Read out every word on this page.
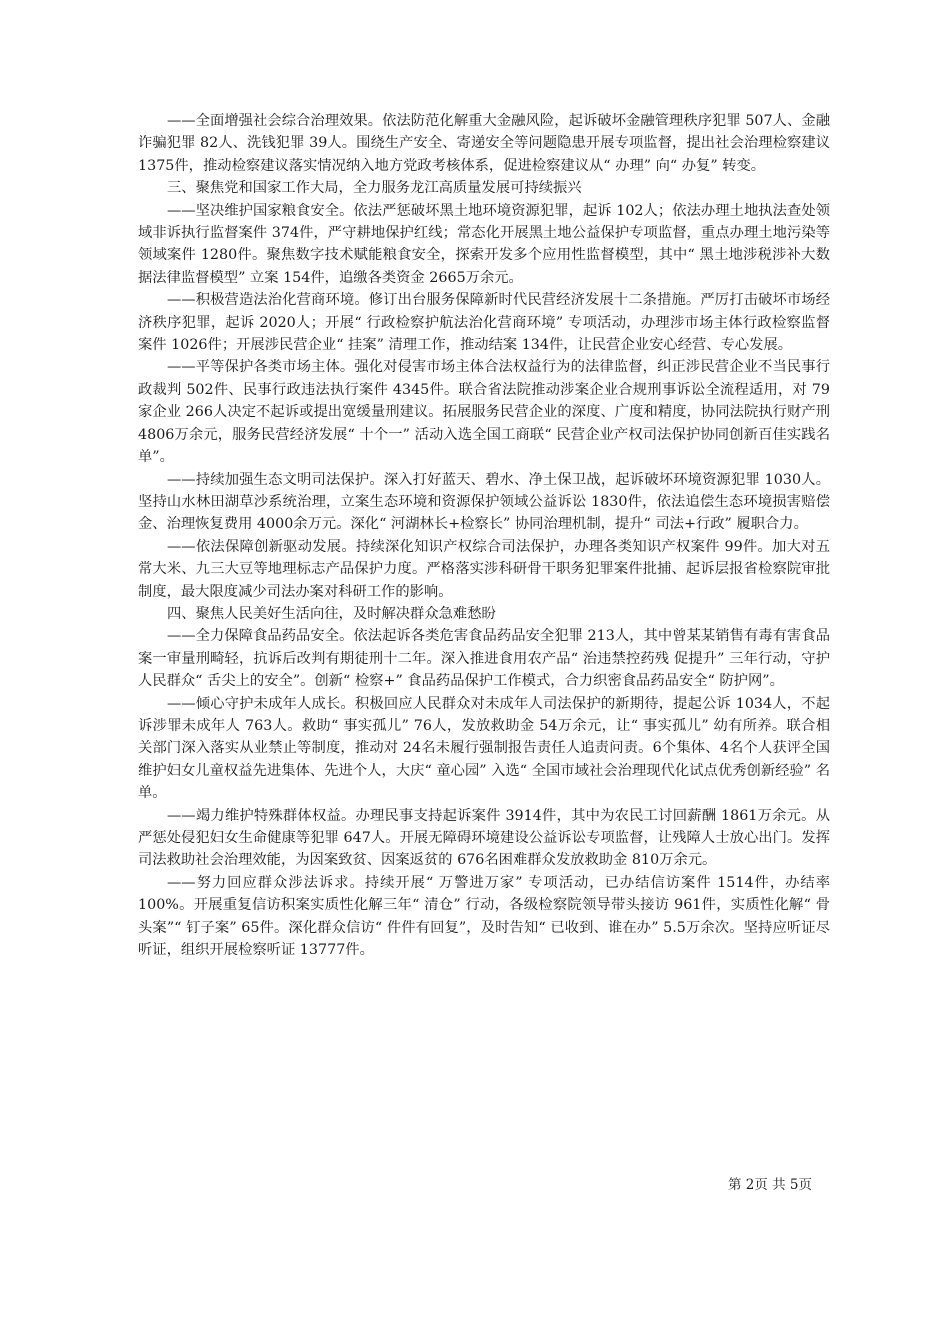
——全面增强社会综合治理效果。依法防范化解重大金融风险，起诉破坏金融管理秩序犯罪 507人、金融诈骗犯罪 82人、洗钱犯罪 39人。围绕生产安全、寄递安全等问题隐患开展专项监督，提出社会治理检察建议 1375件，推动检察建议落实情况纳入地方党政考核体系，促进检察建议从“ 办理” 向“ 办复” 转变。

三、聚焦党和国家工作大局，全力服务龙江高质量发展可持续振兴

——坚决维护国家粮食安全。依法严惩破坏黑土地环境资源犯罪，起诉 102人；依法办理土地执法查处领域非诉执行监督案件 374件，严守耕地保护红线；常态化开展黑土地公益保护专项监督，重点办理土地污染等领域案件 1280件。聚焦数字技术赋能粮食安全，探索开发多个应用性监督模型，其中“ 黑土地涉税涉补大数据法律监督模型” 立案 154件，追缴各类资金 2665万余元。

——积极营造法治化营商环境。修订出台服务保障新时代民营经济发展十二条措施。严厉打击破坏市场经济秩序犯罪，起诉 2020人；开展“ 行政检察护航法治化营商环境” 专项活动，办理涉市场主体行政检察监督案件 1026件；开展涉民营企业“ 挂案” 清理工作，推动结案 134件，让民营企业安心经营、专心发展。

——平等保护各类市场主体。强化对侵害市场主体合法权益行为的法律监督，纠正涉民营企业不当民事行政裁判 502件、民事行政违法执行案件 4345件。联合省法院推动涉案企业合规刑事诉讼全流程适用，对 79家企业 266人决定不起诉或提出宽缓量刑建议。拓展服务民营企业的深度、广度和精度，协同法院执行财产刑 4806万余元，服务民营经济发展“ 十个一” 活动入选全国工商联“ 民营企业产权司法保护协同创新百佳实践名单”。

——持续加强生态文明司法保护。深入打好蓝天、碧水、净土保卫战，起诉破坏环境资源犯罪 1030人。坚持山水林田湖草沙系统治理，立案生态环境和资源保护领域公益诉讼 1830件，依法追偿生态环境损害赔偿金、治理恢复费用 4000余万元。深化“ 河湖林长+检察长” 协同治理机制，提升“ 司法+行政” 履职合力。

——依法保障创新驱动发展。持续深化知识产权综合司法保护，办理各类知识产权案件 99件。加大对五常大米、九三大豆等地理标志产品保护力度。严格落实涉科研骨干职务犯罪案件批捕、起诉层报省检察院审批制度，最大限度减少司法办案对科研工作的影响。

四、聚焦人民美好生活向往，及时解决群众急难愁盼

——全力保障食品药品安全。依法起诉各类危害食品药品安全犯罪 213人，其中曾某某销售有毒有害食品案一审量刑畸轻，抗诉后改判有期徒刑十二年。深入推进食用农产品“ 治违禁控药残 促提升” 三年行动，守护人民群众“ 舌尖上的安全”。创新“ 检察+” 食品药品保护工作模式，合力织密食品药品安全“ 防护网”。

——倾心守护未成年人成长。积极回应人民群众对未成年人司法保护的新期待，提起公诉 1034人，不起诉涉罪未成年人 763人。救助“ 事实孤儿” 76人，发放救助金 54万余元，让“ 事实孤儿” 幼有所养。联合相关部门深入落实从业禁止等制度，推动对 24名未履行强制报告责任人追责问责。6个集体、4名个人获评全国维护妇女儿童权益先进集体、先进个人，大庆“ 童心园” 入选“ 全国市域社会治理现代化试点优秀创新经验” 名单。

——竭力维护特殊群体权益。办理民事支持起诉案件 3914件，其中为农民工讨回薪酬 1861万余元。从严惩处侵犯妇女生命健康等犯罪 647人。开展无障碍环境建设公益诉讼专项监督，让残障人士放心出门。发挥司法救助社会治理效能，为因案致贫、因案返贫的 676名困难群众发放救助金 810万余元。

——努力回应群众涉法诉求。持续开展“ 万警进万家” 专项活动，已办结信访案件 1514件，办结率 100%。开展重复信访积案实质性化解三年“ 清仓” 行动，各级检察院领导带头接访 961件，实质性化解“ 骨头案”“ 钉子案” 65件。深化群众信访“ 件件有回复”，及时告知“ 已收到、谁在办” 5.5万余次。坚持应听证尽听证，组织开展检察听证 13777件。

第 2页 共 5页
